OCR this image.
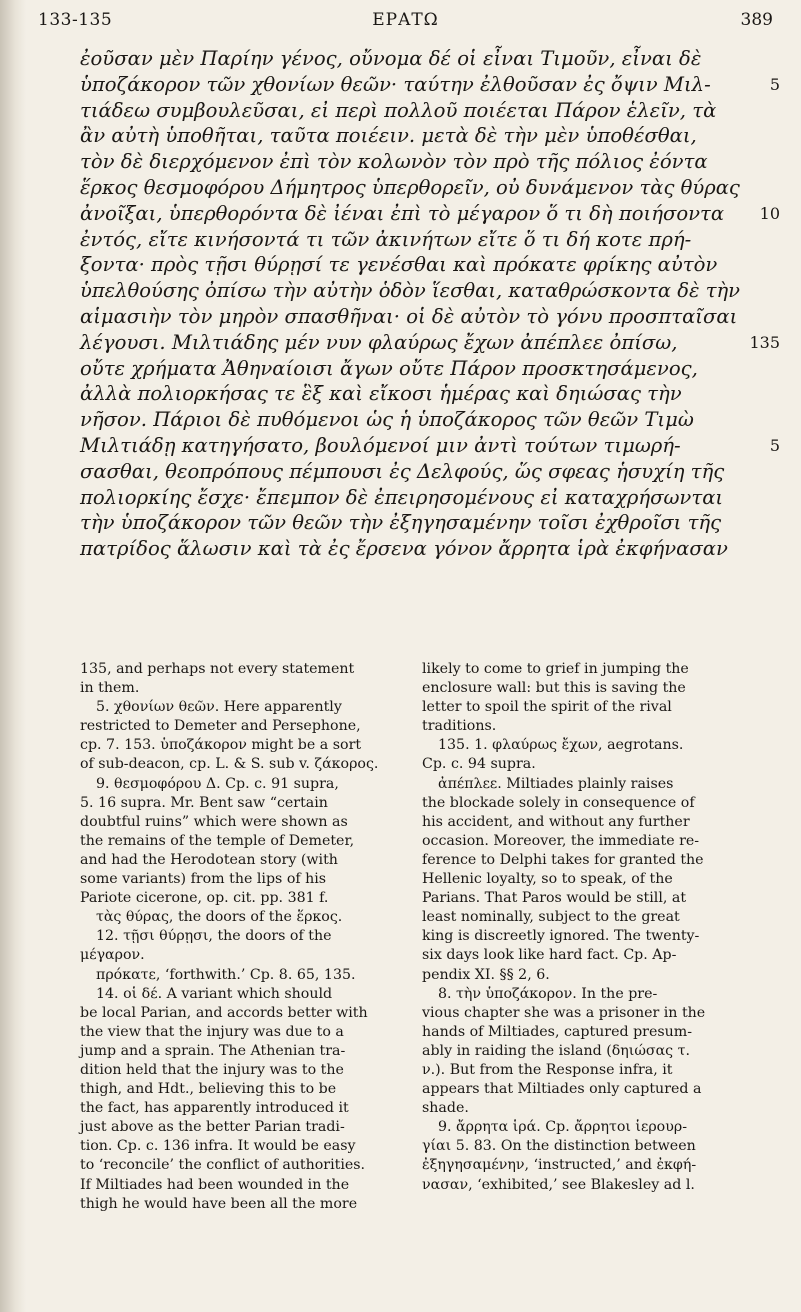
133-135	ΕΡΑΤΩ	389
ἐοῦσαν μὲν Παρίην γένος, οὔνομα δέ οἱ εἶναι Τιμοῦν, εἶναι δὲ
ὑποζάκορον τῶν χθονίων θεῶν· ταύτην ἐλθοῦσαν ἐς ὄψιν Μιλ-	5
τιάδεω συμβουλεῦσαι, εἰ περὶ πολλοῦ ποιέεται Πάρον ἑλεῖν, τὰ
ἂν αὐτὴ ὑποθῆται, ταῦτα ποιέειν. μετὰ δὲ τὴν μὲν ὑποθέσθαι,
τὸν δὲ διερχόμενον ἐπὶ τὸν κολωνὸν τὸν πρὸ τῆς πόλιος ἐόντα
ἕρκος θεσμοφόρου Δήμητρος ὑπερθορεῖν, οὐ δυνάμενον τὰς θύρας
ἀνοῖξαι, ὑπερθορόντα δὲ ἰέναι ἐπὶ τὸ μέγαρον ὅ τι δὴ ποιήσοντα	10
ἐντός, εἴτε κινήσοντά τι τῶν ἀκινήτων εἴτε ὅ τι δή κοτε πρή-
ξοντα· πρὸς τῇσι θύρῃσί τε γενέσθαι καὶ πρόκατε φρίκης αὐτὸν
ὑπελθούσης ὀπίσω τὴν αὐτὴν ὁδὸν ἵεσθαι, καταθρώσκοντα δὲ τὴν
αἱμασιὴν τὸν μηρὸν σπασθῆναι· οἱ δὲ αὐτὸν τὸ γόνυ προσπταῖσαι
λέγουσι. Μιλτιάδης μέν νυν φλαύρως ἔχων ἀπέπλεε ὀπίσω,	135
οὔτε χρήματα Ἀθηναίοισι ἄγων οὔτε Πάρον προσκτησάμενος,
ἀλλὰ πολιορκήσας τε ἓξ καὶ εἴκοσι ἡμέρας καὶ δηιώσας τὴν
νῆσον. Πάριοι δὲ πυθόμενοι ὡς ἡ ὑποζάκορος τῶν θεῶν Τιμὼ
Μιλτιάδῃ κατηγήσατο, βουλόμενοί μιν ἀντὶ τούτων τιμωρή-	5
σασθαι, θεοπρόπους πέμπουσι ἐς Δελφούς, ὥς σφεας ἡσυχίη τῆς
πολιορκίης ἔσχε· ἔπεμπον δὲ ἐπειρησομένους εἰ καταχρήσωνται
τὴν ὑποζάκορον τῶν θεῶν τὴν ἐξηγησαμένην τοῖσι ἐχθροῖσι τῆς
πατρίδος ἅλωσιν καὶ τὰ ἐς ἔρσενα γόνον ἄρρητα ἱρὰ ἐκφήνασαν
135, and perhaps not every statement
in them.
5. χθονίων θεῶν. Here apparently
restricted to Demeter and Persephone,
cp. 7. 153. ὑποζάκορον might be a sort
of sub-deacon, cp. L. & S. sub v. ζάκορος.
9. θεσμοφόρου Δ. Cp. c. 91 supra,
5. 16 supra. Mr. Bent saw “certain
doubtful ruins” which were shown as
the remains of the temple of Demeter,
and had the Herodotean story (with
some variants) from the lips of his
Pariote cicerone, op. cit. pp. 381 f.
τὰς θύρας, the doors of the ἕρκος.
12. τῇσι θύρῃσι, the doors of the
μέγαρον.
πρόκατε, ‘forthwith.’ Cp. 8. 65, 135.
14. οἱ δέ. A variant which should
be local Parian, and accords better with
the view that the injury was due to a
jump and a sprain. The Athenian tra-
dition held that the injury was to the
thigh, and Hdt., believing this to be
the fact, has apparently introduced it
just above as the better Parian tradi-
tion. Cp. c. 136 infra. It would be easy
to ‘reconcile’ the conflict of authorities.
If Miltiades had been wounded in the
thigh he would have been all the more
likely to come to grief in jumping the
enclosure wall: but this is saving the
letter to spoil the spirit of the rival
traditions.
135. 1. φλαύρως ἔχων, aegrotans.
Cp. c. 94 supra.
ἀπέπλεε. Miltiades plainly raises
the blockade solely in consequence of
his accident, and without any further
occasion. Moreover, the immediate re-
ference to Delphi takes for granted the
Hellenic loyalty, so to speak, of the
Parians. That Paros would be still, at
least nominally, subject to the great
king is discreetly ignored. The twenty-
six days look like hard fact. Cp. Ap-
pendix XI. §§ 2, 6.
8. τὴν ὑποζάκορον. In the pre-
vious chapter she was a prisoner in the
hands of Miltiades, captured presum-
ably in raiding the island (δηιώσας τ.
ν.). But from the Response infra, it
appears that Miltiades only captured a
shade.
9. ἄρρητα ἱρά. Cp. ἄρρητοι ἱερουρ-
γίαι 5. 83. On the distinction between
ἐξηγησαμένην, ‘instructed,’ and ἐκφή-
νασαν, ‘exhibited,’ see Blakesley ad l.
